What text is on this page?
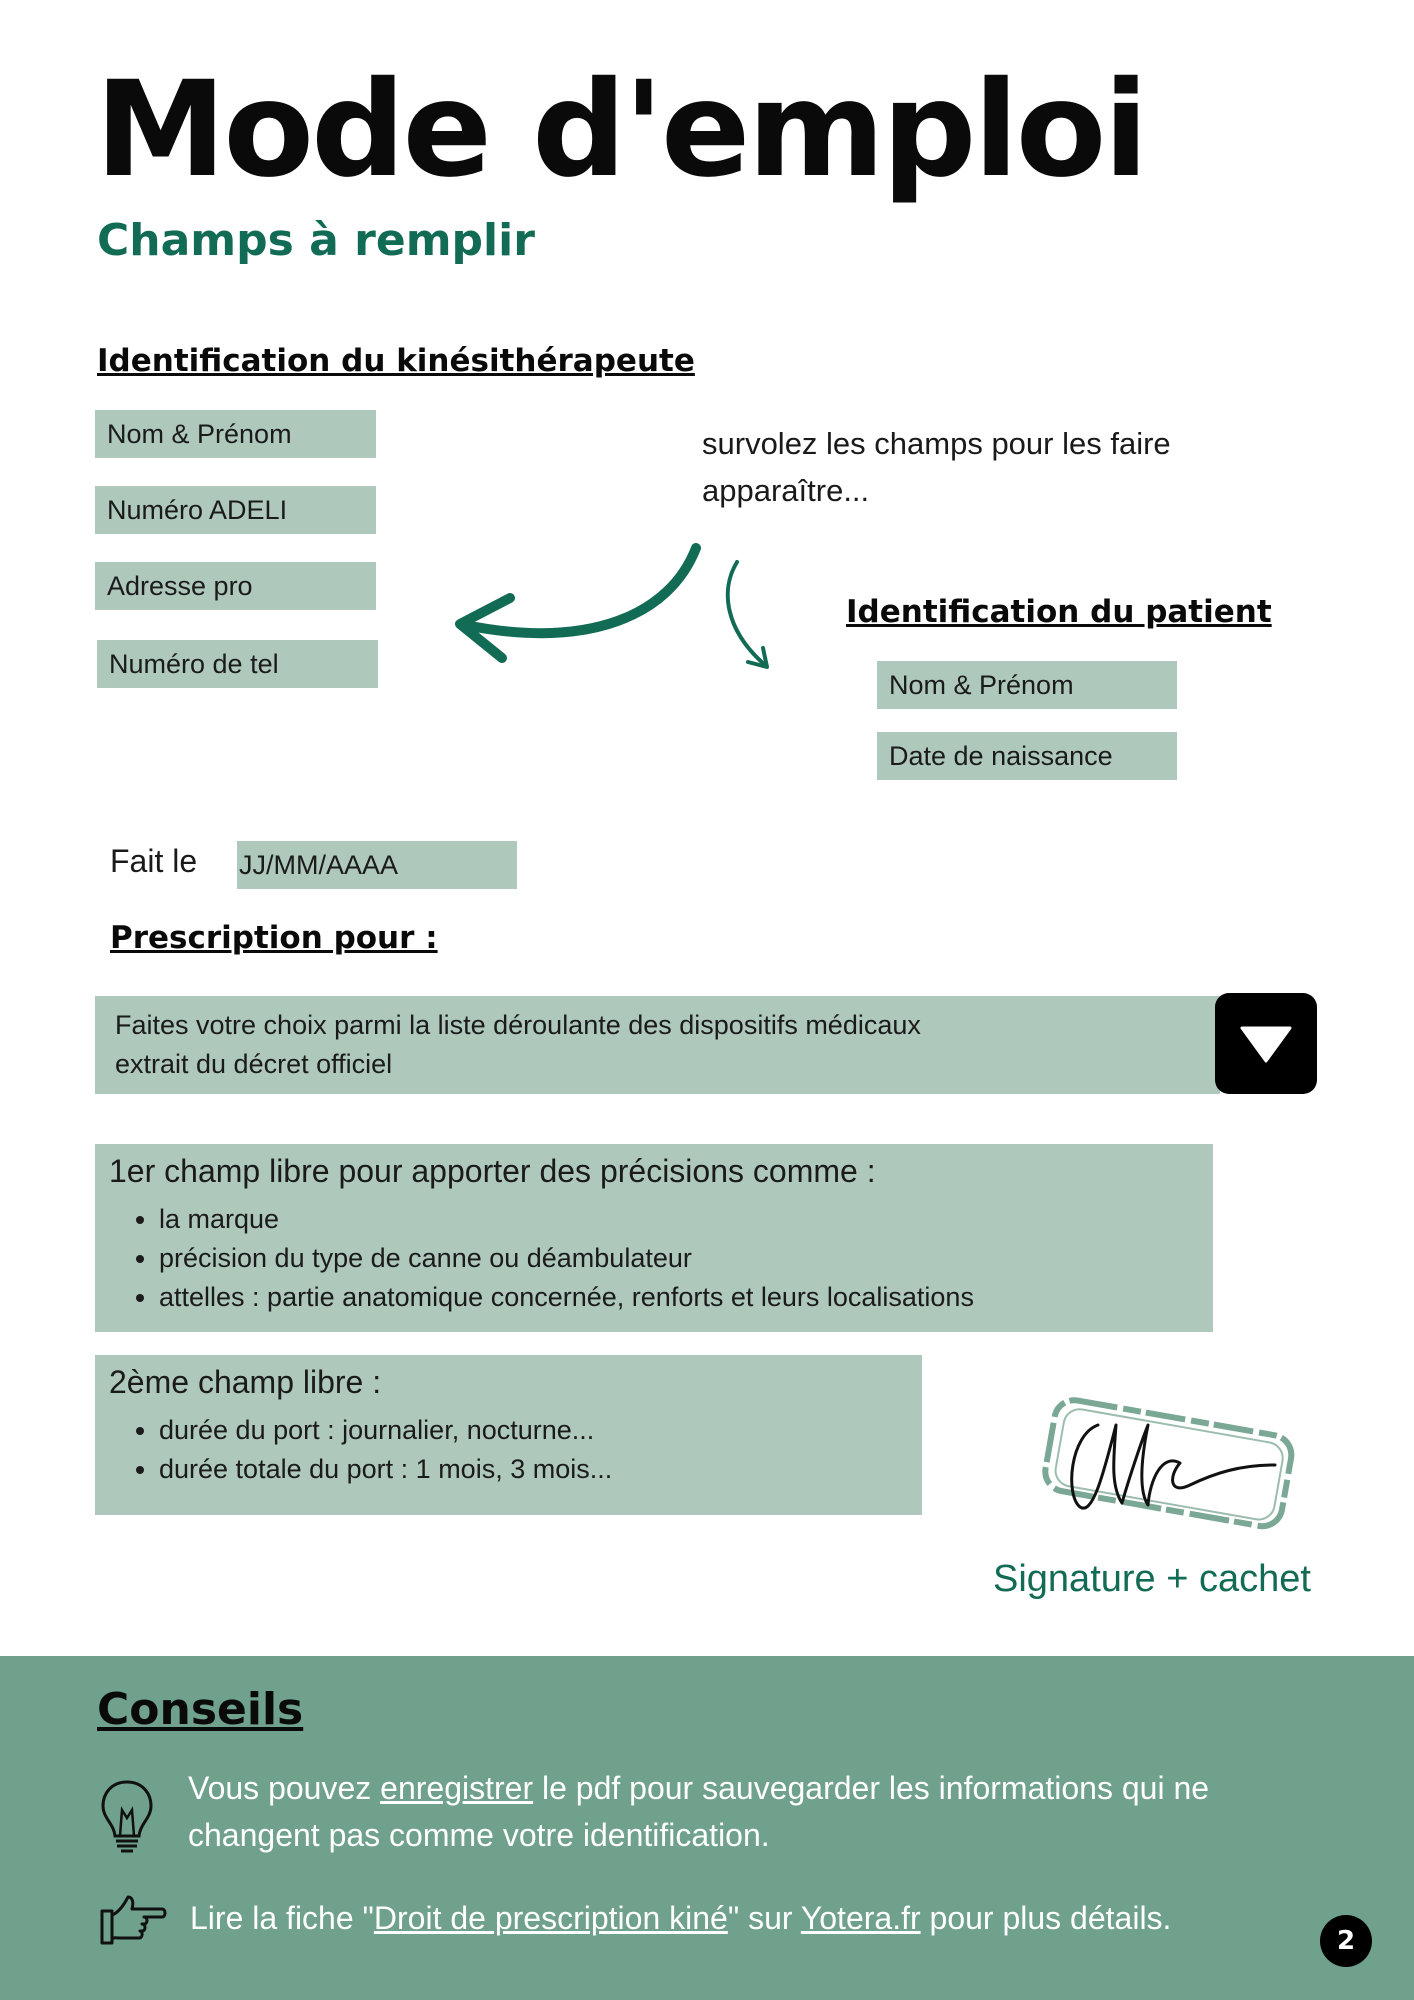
Mode d'emploi
Champs à remplir
Identification du kinésithérapeute
Nom & Prénom
Numéro ADELI
Adresse pro
Numéro de tel
survolez les champs pour les faire apparaître...
Identification du patient
Nom & Prénom
Date de naissance
Fait le JJ/MM/AAAA
Prescription pour :
Faites votre choix parmi la liste déroulante des dispositifs médicaux
extrait du décret officiel
1er champ libre pour apporter des précisions comme :
• la marque
• précision du type de canne ou déambulateur
• attelles : partie anatomique concernée, renforts et leurs localisations
2ème champ libre :
• durée du port : journalier, nocturne...
• durée totale du port : 1 mois, 3 mois...
Signature + cachet
Conseils
Vous pouvez enregistrer le pdf pour sauvegarder les informations qui ne changent pas comme votre identification.
Lire la fiche "Droit de prescription kiné" sur Yotera.fr pour plus détails.
2
